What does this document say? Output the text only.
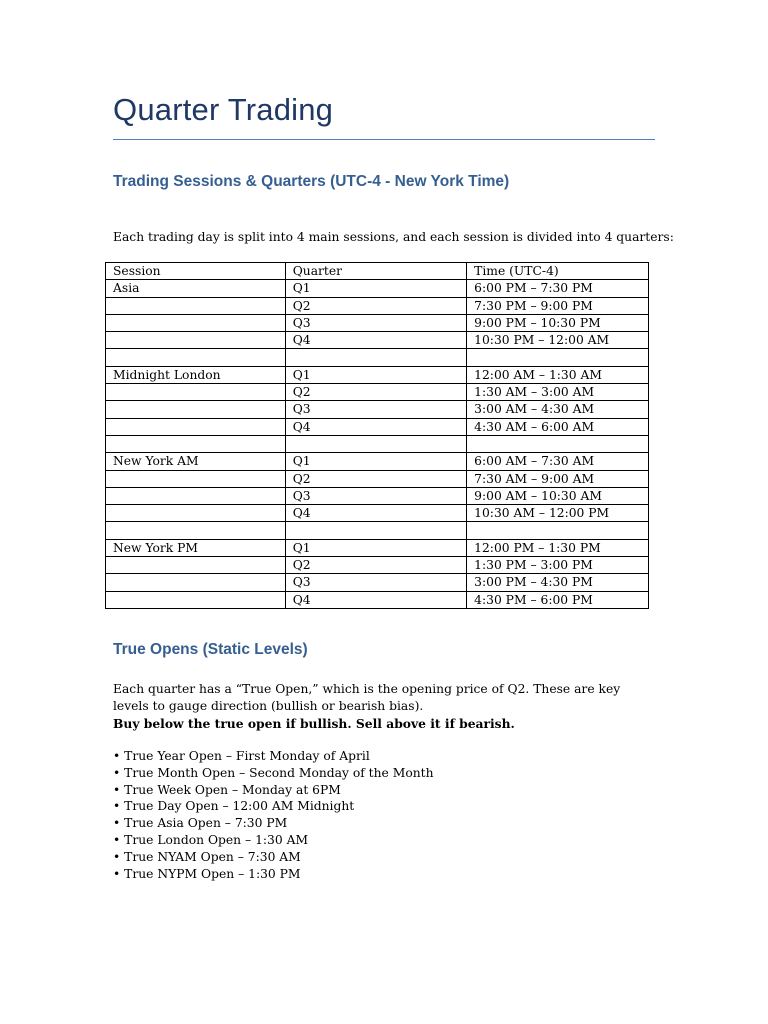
Quarter Trading
Trading Sessions & Quarters (UTC-4 - New York Time)
Each trading day is split into 4 main sessions, and each session is divided into 4 quarters:
Session	Quarter	Time (UTC-4)
Asia	Q1	6:00 PM – 7:30 PM
	Q2	7:30 PM – 9:00 PM
	Q3	9:00 PM – 10:30 PM
	Q4	10:30 PM – 12:00 AM

Midnight London	Q1	12:00 AM – 1:30 AM
	Q2	1:30 AM – 3:00 AM
	Q3	3:00 AM – 4:30 AM
	Q4	4:30 AM – 6:00 AM

New York AM	Q1	6:00 AM – 7:30 AM
	Q2	7:30 AM – 9:00 AM
	Q3	9:00 AM – 10:30 AM
	Q4	10:30 AM – 12:00 PM

New York PM	Q1	12:00 PM – 1:30 PM
	Q2	1:30 PM – 3:00 PM
	Q3	3:00 PM – 4:30 PM
	Q4	4:30 PM – 6:00 PM
True Opens (Static Levels)
Each quarter has a “True Open,” which is the opening price of Q2. These are key levels to gauge direction (bullish or bearish bias).
Buy below the true open if bullish. Sell above it if bearish.
• True Year Open – First Monday of April
• True Month Open – Second Monday of the Month
• True Week Open – Monday at 6PM
• True Day Open – 12:00 AM Midnight
• True Asia Open – 7:30 PM
• True London Open – 1:30 AM
• True NYAM Open – 7:30 AM
• True NYPM Open – 1:30 PM
